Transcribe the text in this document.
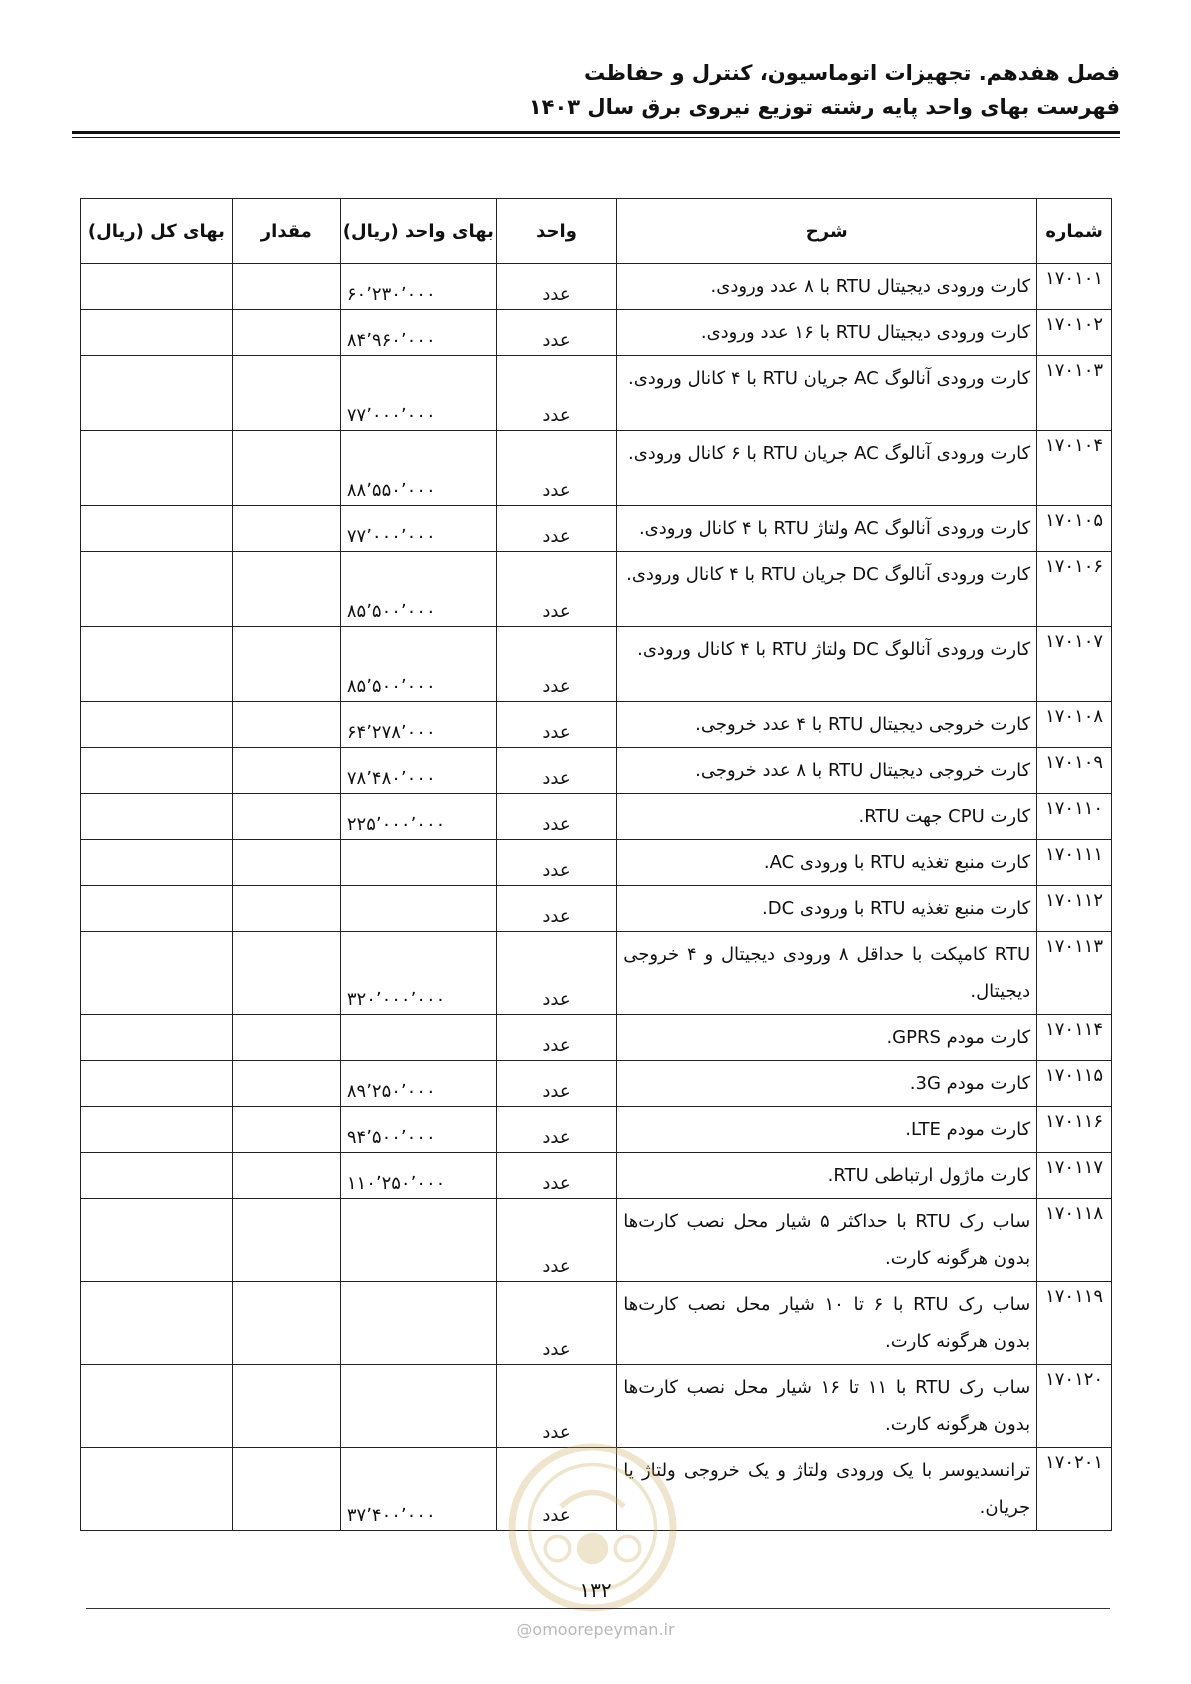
فصل هفدهم. تجهیزات اتوماسیون، کنترل و حفاظت
فهرست بهای واحد پایه رشته توزیع نیروی برق سال ۱۴۰۳
شماره	شرح	واحد	بهای واحد (ریال)	مقدار	بهای کل (ریال)
۱۷۰۱۰۱	کارت ورودی دیجیتال RTU با ۸ عدد ورودی.	عدد	۶۰٬۲۳۰٬۰۰۰		
۱۷۰۱۰۲	کارت ورودی دیجیتال RTU با ۱۶ عدد ورودی.	عدد	۸۴٬۹۶۰٬۰۰۰		
۱۷۰۱۰۳	کارت ورودی آنالوگ AC جریان RTU با ۴ کانال ورودی.	عدد	۷۷٬۰۰۰٬۰۰۰		
۱۷۰۱۰۴	کارت ورودی آنالوگ AC جریان RTU با ۶ کانال ورودی.	عدد	۸۸٬۵۵۰٬۰۰۰		
۱۷۰۱۰۵	کارت ورودی آنالوگ AC ولتاژ RTU با ۴ کانال ورودی.	عدد	۷۷٬۰۰۰٬۰۰۰		
۱۷۰۱۰۶	کارت ورودی آنالوگ DC جریان RTU با ۴ کانال ورودی.	عدد	۸۵٬۵۰۰٬۰۰۰		
۱۷۰۱۰۷	کارت ورودی آنالوگ DC ولتاژ RTU با ۴ کانال ورودی.	عدد	۸۵٬۵۰۰٬۰۰۰		
۱۷۰۱۰۸	کارت خروجی دیجیتال RTU با ۴ عدد خروجی.	عدد	۶۴٬۲۷۸٬۰۰۰		
۱۷۰۱۰۹	کارت خروجی دیجیتال RTU با ۸ عدد خروجی.	عدد	۷۸٬۴۸۰٬۰۰۰		
۱۷۰۱۱۰	کارت CPU جهت RTU.	عدد	۲۲۵٬۰۰۰٬۰۰۰		
۱۷۰۱۱۱	کارت منبع تغذیه RTU با ورودی AC.	عدد			
۱۷۰۱۱۲	کارت منبع تغذیه RTU با ورودی DC.	عدد			
۱۷۰۱۱۳	RTU کامپکت با حداقل ۸ ورودی دیجیتال و ۴ خروجی دیجیتال.	عدد	۳۲۰٬۰۰۰٬۰۰۰		
۱۷۰۱۱۴	کارت مودم GPRS.	عدد			
۱۷۰۱۱۵	کارت مودم 3G.	عدد	۸۹٬۲۵۰٬۰۰۰		
۱۷۰۱۱۶	کارت مودم LTE.	عدد	۹۴٬۵۰۰٬۰۰۰		
۱۷۰۱۱۷	کارت ماژول ارتباطی RTU.	عدد	۱۱۰٬۲۵۰٬۰۰۰		
۱۷۰۱۱۸	ساب رک RTU با حداکثر ۵ شیار محل نصب کارت‌ها بدون هرگونه کارت.	عدد			
۱۷۰۱۱۹	ساب رک RTU با ۶ تا ۱۰ شیار محل نصب کارت‌ها بدون هرگونه کارت.	عدد			
۱۷۰۱۲۰	ساب رک RTU با ۱۱ تا ۱۶ شیار محل نصب کارت‌ها بدون هرگونه کارت.	عدد			
۱۷۰۲۰۱	ترانسدیوسر با یک ورودی ولتاژ و یک خروجی ولتاژ یا جریان.	عدد	۳۷٬۴۰۰٬۰۰۰		
۱۳۲
@omoorepeyman.ir
